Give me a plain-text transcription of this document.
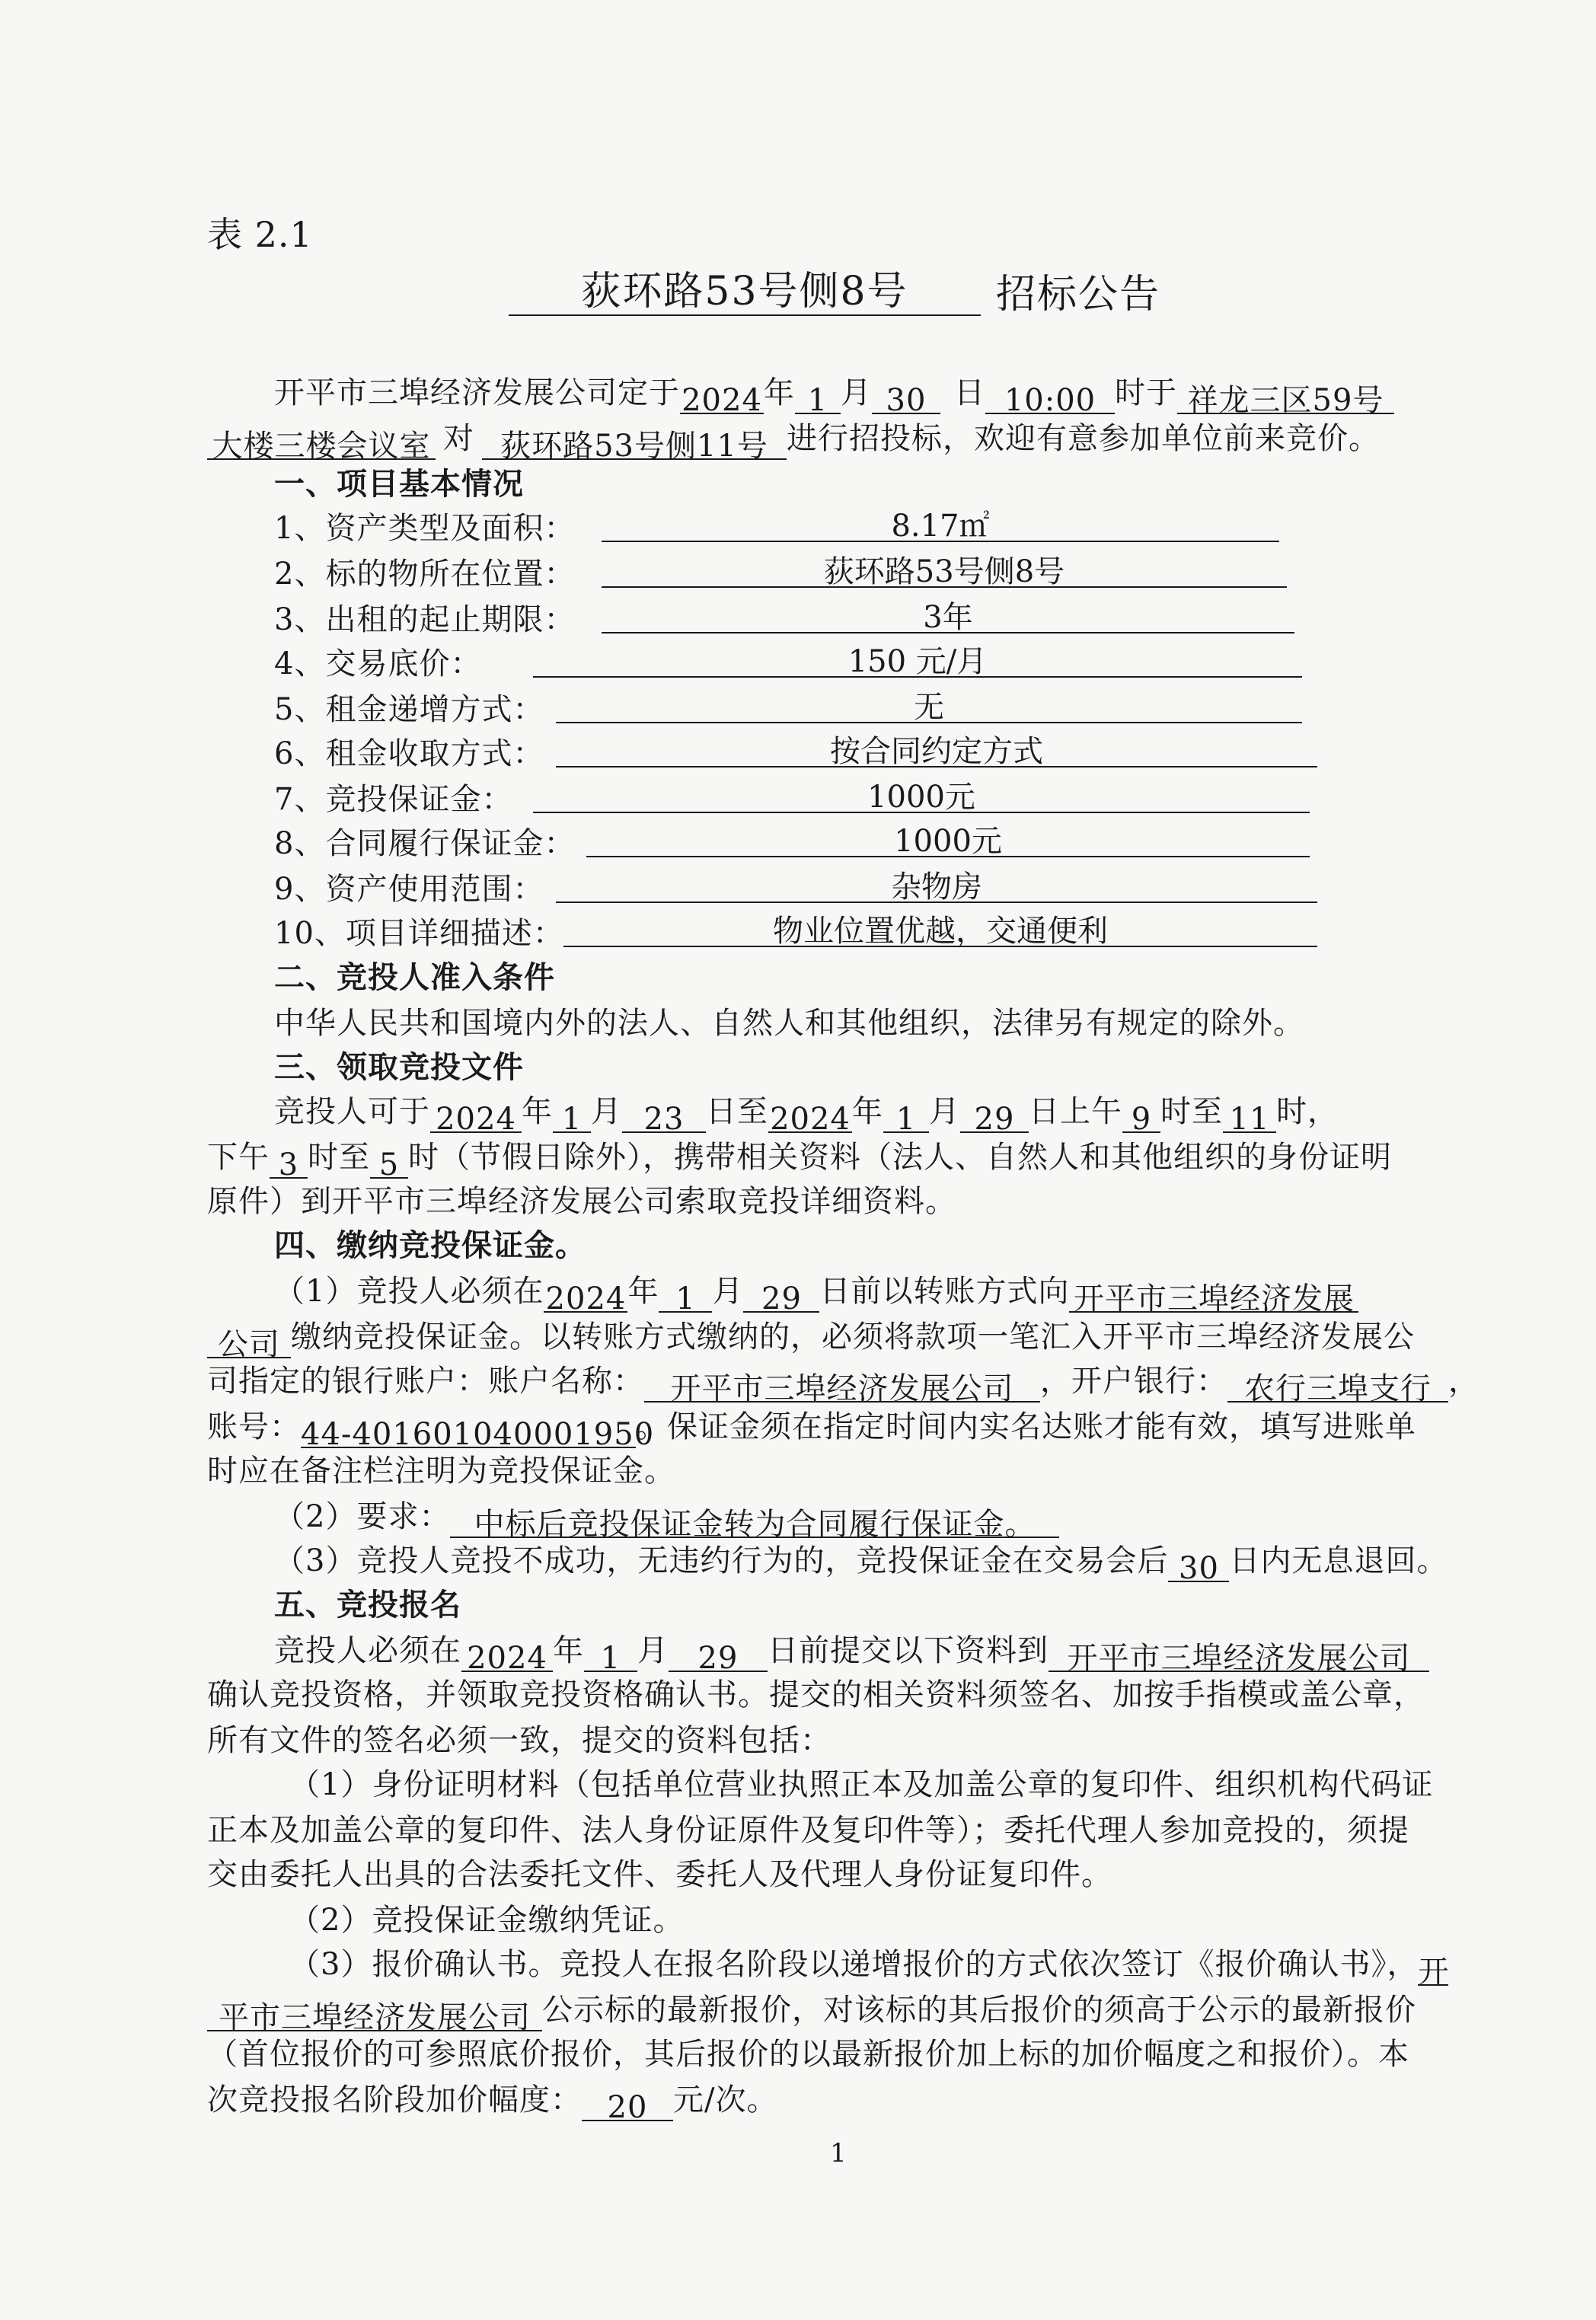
表 2.1
荻环路53号侧8号 招标公告
开平市三埠经济发展公司定于2024年 1 月 30 日 10:00 时于 祥龙三区59号
大楼三楼会议室 对 荻环路53号侧11号 进行招投标，欢迎有意参加单位前来竞价。
一、项目基本情况
1、资产类型及面积：	8.17㎡
2、标的物所在位置：	荻环路53号侧8号
3、出租的起止期限：	3年
4、交易底价：	150 元/月
5、租金递增方式：	无
6、租金收取方式：	按合同约定方式
7、竞投保证金：	1000元
8、合同履行保证金：	1000元
9、资产使用范围：	杂物房
10、项目详细描述：	物业位置优越，交通便利
二、竞投人准入条件
中华人民共和国境内外的法人、自然人和其他组织，法律另有规定的除外。
三、领取竞投文件
竞投人可于 2024 年 1 月 23 日至2024年 1 月 29 日上午 9 时至 11 时，
下午 3 时至 5 时（节假日除外），携带相关资料（法人、自然人和其他组织的身份证明
原件）到开平市三埠经济发展公司索取竞投详细资料。
四、缴纳竞投保证金。
（1）竞投人必须在2024年 1 月 29 日前以转账方式向 开平市三埠经济发展
公司 缴纳竞投保证金。以转账方式缴纳的，必须将款项一笔汇入开平市三埠经济发展公
司指定的银行账户：账户名称： 开平市三埠经济发展公司 ，开户银行： 农行三埠支行 ，
账号：44-401601040001950。保证金须在指定时间内实名达账才能有效，填写进账单
时应在备注栏注明为竞投保证金。
（2）要求： 中标后竞投保证金转为合同履行保证金。
（3）竞投人竞投不成功，无违约行为的，竞投保证金在交易会后 30 日内无息退回。
五、竞投报名
竞投人必须在 2024 年 1 月 29 日前提交以下资料到 开平市三埠经济发展公司
确认竞投资格，并领取竞投资格确认书。提交的相关资料须签名、加按手指模或盖公章，
所有文件的签名必须一致，提交的资料包括：
（1）身份证明材料（包括单位营业执照正本及加盖公章的复印件、组织机构代码证
正本及加盖公章的复印件、法人身份证原件及复印件等）；委托代理人参加竞投的，须提
交由委托人出具的合法委托文件、委托人及代理人身份证复印件。
（2）竞投保证金缴纳凭证。
（3）报价确认书。竞投人在报名阶段以递增报价的方式依次签订《报价确认书》，开
平市三埠经济发展公司 公示标的最新报价，对该标的其后报价的须高于公示的最新报价
（首位报价的可参照底价报价，其后报价的以最新报价加上标的加价幅度之和报价）。本
次竞投报名阶段加价幅度： 20 元/次。
1
